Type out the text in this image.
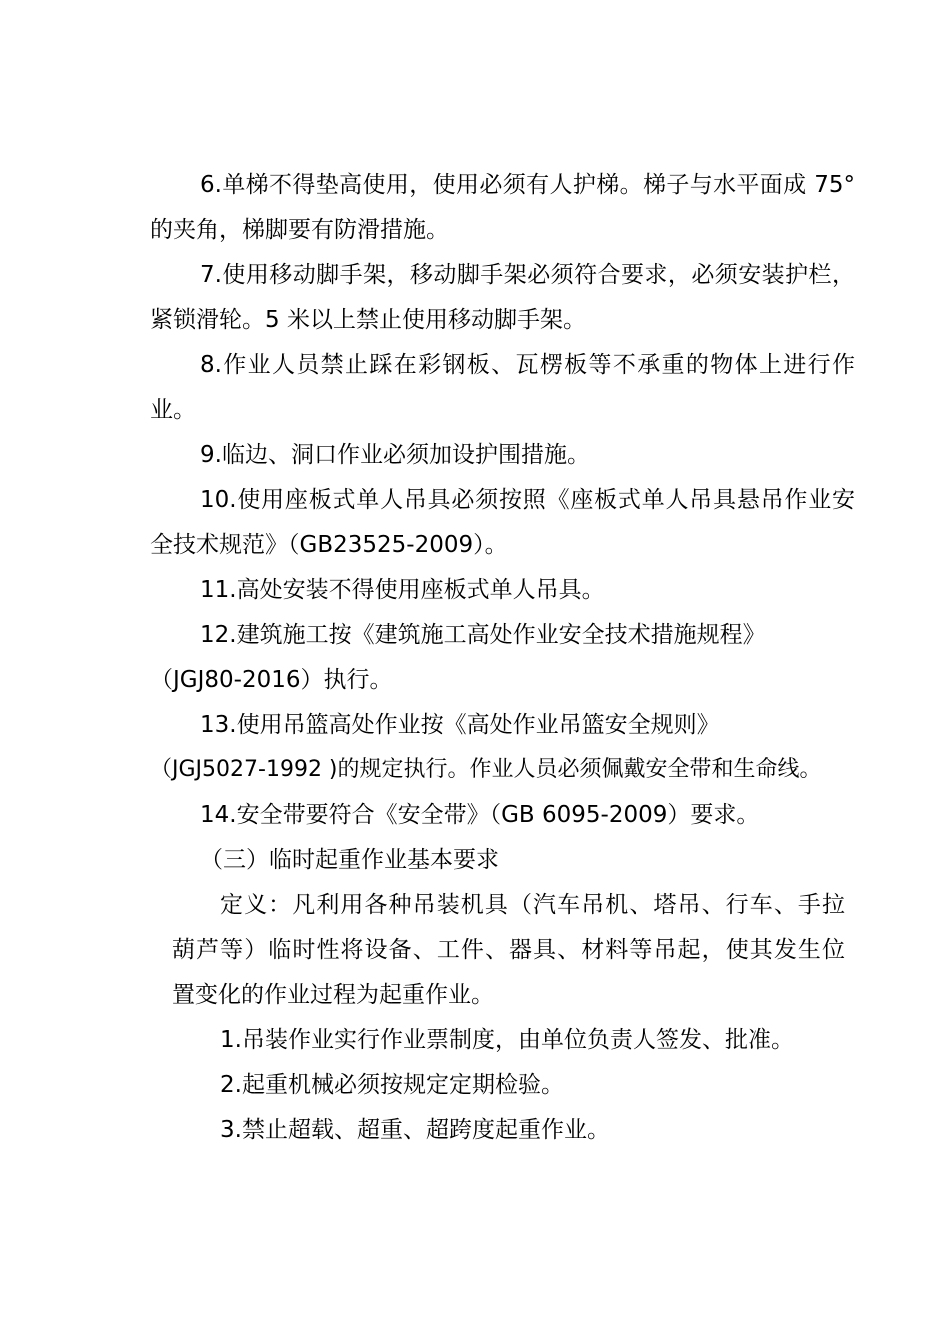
6.单梯不得垫高使用，使用必须有人护梯。梯子与水平面成 75°
的夹角，梯脚要有防滑措施。
7.使用移动脚手架，移动脚手架必须符合要求，必须安装护栏，
紧锁滑轮。5 米以上禁止使用移动脚手架。
8.作业人员禁止踩在彩钢板、瓦楞板等不承重的物体上进行作
业。
9.临边、洞口作业必须加设护围措施。
10.使用座板式单人吊具必须按照《座板式单人吊具悬吊作业安
全技术规范》（GB23525-2009）。
11.高处安装不得使用座板式单人吊具。
12.建筑施工按《建筑施工高处作业安全技术措施规程》
（JGJ80-2016）执行。
13.使用吊篮高处作业按《高处作业吊篮安全规则》
（JGJ5027-1992 )的规定执行。作业人员必须佩戴安全带和生命线。
14.安全带要符合《安全带》（GB 6095-2009）要求。
（三）临时起重作业基本要求
定义：凡利用各种吊装机具（汽车吊机、塔吊、行车、手拉
葫芦等）临时性将设备、工件、器具、材料等吊起，使其发生位
置变化的作业过程为起重作业。
1.吊装作业实行作业票制度，由单位负责人签发、批准。
2.起重机械必须按规定定期检验。
3.禁止超载、超重、超跨度起重作业。
